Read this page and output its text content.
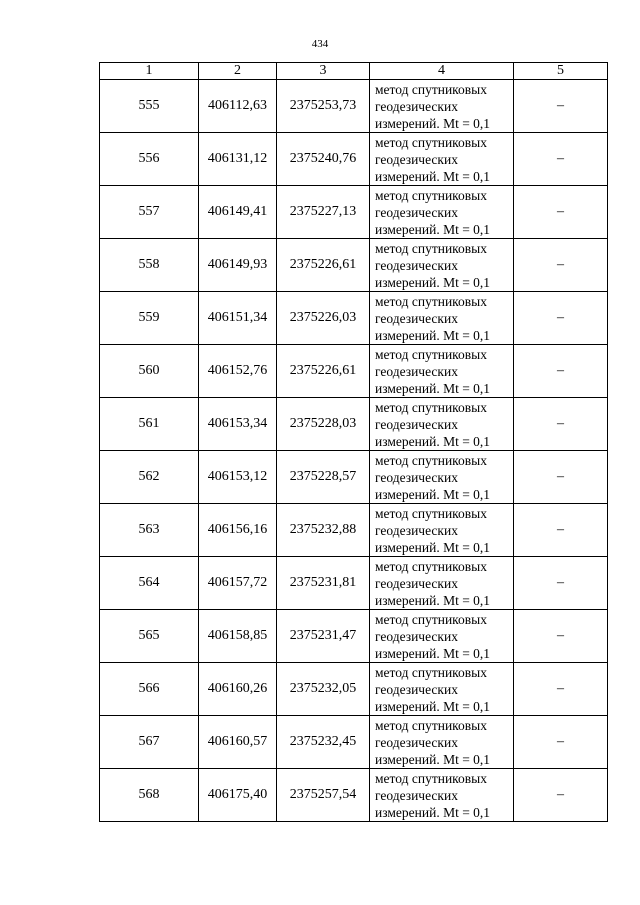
434
1	2	3	4	5
555	406112,63	2375253,73	метод спутниковых
геодезических
измерений. Mt = 0,1	–
556	406131,12	2375240,76	метод спутниковых
геодезических
измерений. Mt = 0,1	–
557	406149,41	2375227,13	метод спутниковых
геодезических
измерений. Mt = 0,1	–
558	406149,93	2375226,61	метод спутниковых
геодезических
измерений. Mt = 0,1	–
559	406151,34	2375226,03	метод спутниковых
геодезических
измерений. Mt = 0,1	–
560	406152,76	2375226,61	метод спутниковых
геодезических
измерений. Mt = 0,1	–
561	406153,34	2375228,03	метод спутниковых
геодезических
измерений. Mt = 0,1	–
562	406153,12	2375228,57	метод спутниковых
геодезических
измерений. Mt = 0,1	–
563	406156,16	2375232,88	метод спутниковых
геодезических
измерений. Mt = 0,1	–
564	406157,72	2375231,81	метод спутниковых
геодезических
измерений. Mt = 0,1	–
565	406158,85	2375231,47	метод спутниковых
геодезических
измерений. Mt = 0,1	–
566	406160,26	2375232,05	метод спутниковых
геодезических
измерений. Mt = 0,1	–
567	406160,57	2375232,45	метод спутниковых
геодезических
измерений. Mt = 0,1	–
568	406175,40	2375257,54	метод спутниковых
геодезических
измерений. Mt = 0,1	–
